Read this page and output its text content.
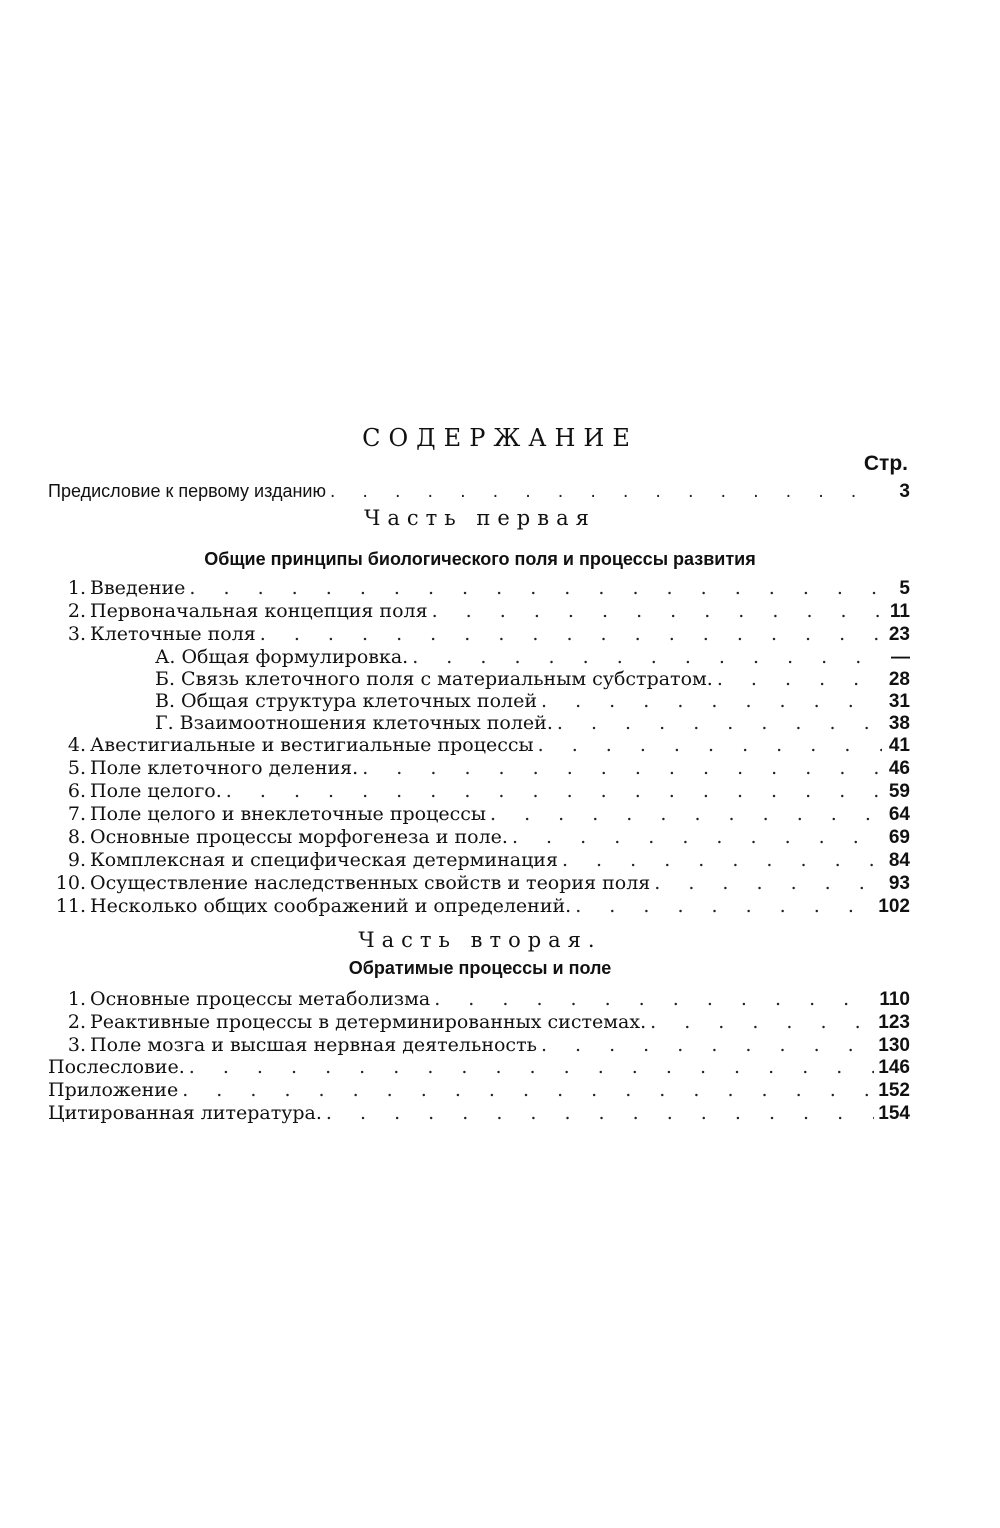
СОДЕРЖАНИЕ
Стр.
Предисловие к первому изданию . . .	3
Часть первая
Общие принципы биологического поля и процессы развития
1. Введение . . .	5
2. Первоначальная концепция поля . . .	11
3. Клеточные поля . . .	23
А. Общая формулировка. . . .	—
Б. Связь клеточного поля с материальным субстратом. . . .	28
В. Общая структура клеточных полей . . .	31
Г. Взаимоотношения клеточных полей. . . .	38
4. Авестигиальные и вестигиальные процессы . . .	41
5. Поле клеточного деления. . . .	46
6. Поле целого. . . .	59
7. Поле целого и внеклеточные процессы . . .	64
8. Основные процессы морфогенеза и поле. . . .	69
9. Комплексная и специфическая детерминация . . .	84
10. Осуществление наследственных свойств и теория поля . . .	93
11. Несколько общих соображений и определений. . . .	102
Часть вторая.
Обратимые процессы и поле
1. Основные процессы метаболизма . . .	110
2. Реактивные процессы в детерминированных системах. . . .	123
3. Поле мозга и высшая нервная деятельность . . .	130
Послесловие. . . .	146
Приложение . . .	152
Цитированная литература. . . .	154
